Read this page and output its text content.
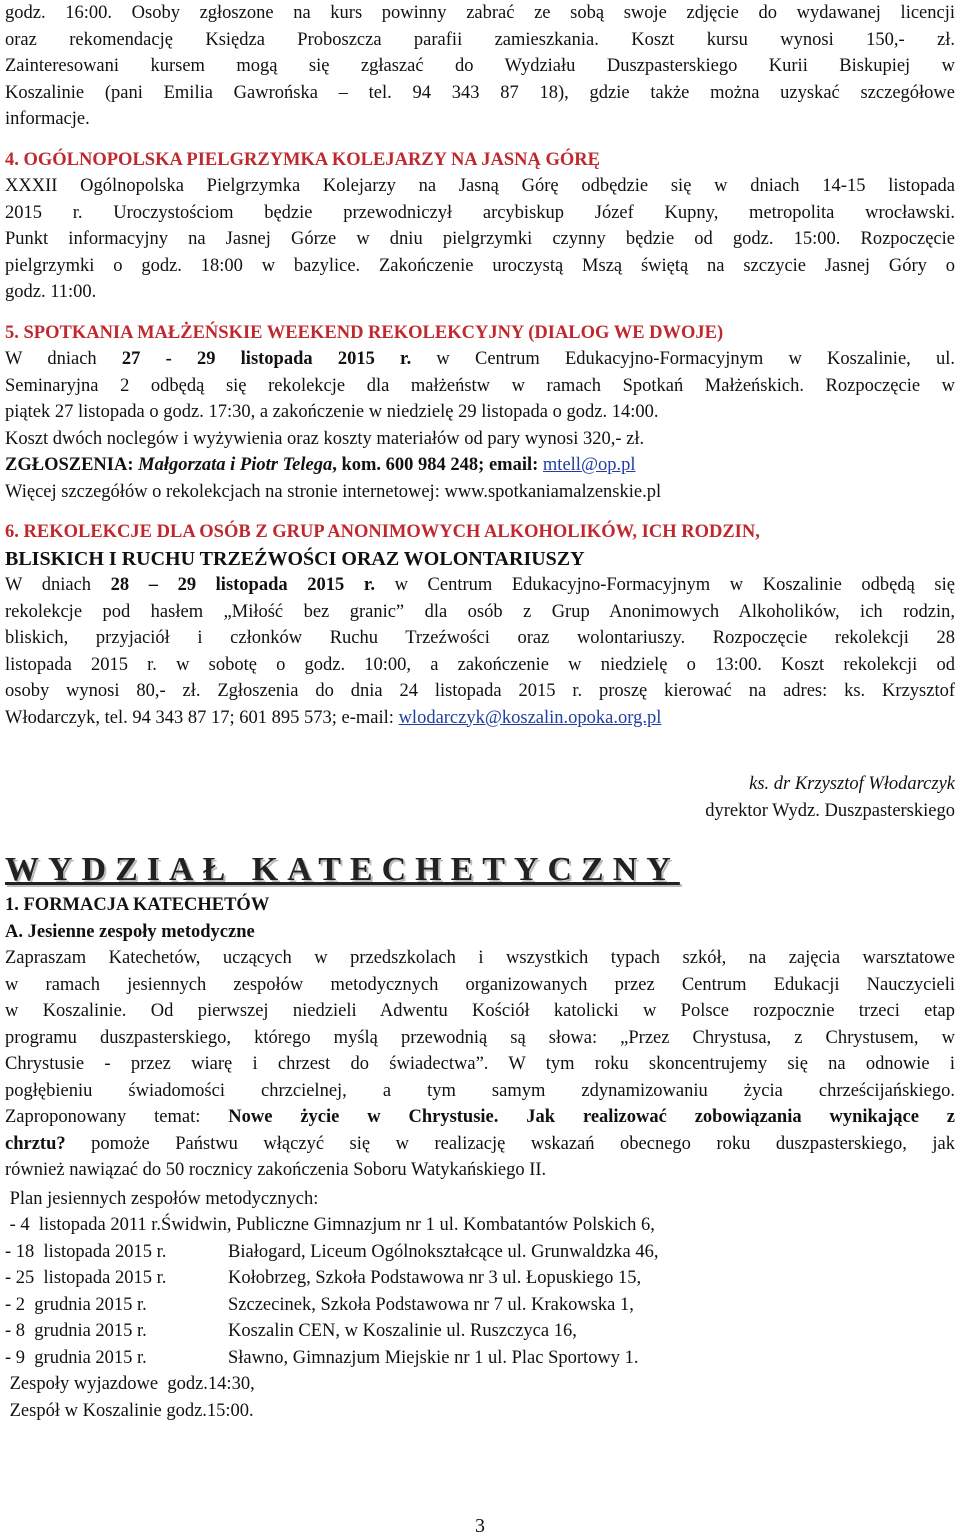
godz. 16:00. Osoby zgłoszone na kurs powinny zabrać ze sobą swoje zdjęcie do wydawanej licencji
oraz rekomendację Księdza Proboszcza parafii zamieszkania. Koszt kursu wynosi 150,- zł.
Zainteresowani kursem mogą się zgłaszać do Wydziału Duszpasterskiego Kurii Biskupiej w
Koszalinie (pani Emilia Gawrońska – tel. 94 343 87 18), gdzie także można uzyskać szczegółowe
informacje.
4. OGÓLNOPOLSKA PIELGRZYMKA KOLEJARZY NA JASNĄ GÓRĘ
XXXII Ogólnopolska Pielgrzymka Kolejarzy na Jasną Górę odbędzie się w dniach 14-15 listopada
2015 r. Uroczystościom będzie przewodniczył arcybiskup Józef Kupny, metropolita wrocławski.
Punkt informacyjny na Jasnej Górze w dniu pielgrzymki czynny będzie od godz. 15:00. Rozpoczęcie
pielgrzymki o godz. 18:00 w bazylice. Zakończenie uroczystą Mszą świętą na szczycie Jasnej Góry o
godz. 11:00.
5. SPOTKANIA MAŁŻEŃSKIE WEEKEND REKOLEKCYJNY (DIALOG WE DWOJE)
W dniach 27 - 29 listopada 2015 r. w Centrum Edukacyjno-Formacyjnym w Koszalinie, ul.
Seminaryjna 2 odbędą się rekolekcje dla małżeństw w ramach Spotkań Małżeńskich. Rozpoczęcie w
piątek 27 listopada o godz. 17:30, a zakończenie w niedzielę 29 listopada o godz. 14:00.
Koszt dwóch noclegów i wyżywienia oraz koszty materiałów od pary wynosi 320,- zł.
ZGŁOSZENIA: Małgorzata i Piotr Telega, kom. 600 984 248; email: mtell@op.pl
Więcej szczegółów o rekolekcjach na stronie internetowej: www.spotkaniamalzenskie.pl
6. REKOLEKCJE DLA OSÓB Z GRUP ANONIMOWYCH ALKOHOLIKÓW, ICH RODZIN,
BLISKICH I RUCHU TRZEŹWOŚCI ORAZ WOLONTARIUSZY
W dniach 28 – 29 listopada 2015 r. w Centrum Edukacyjno-Formacyjnym w Koszalinie odbędą się
rekolekcje pod hasłem „Miłość bez granic” dla osób z Grup Anonimowych Alkoholików, ich rodzin,
bliskich, przyjaciół i członków Ruchu Trzeźwości oraz wolontariuszy. Rozpoczęcie rekolekcji 28
listopada 2015 r. w sobotę o godz. 10:00, a zakończenie w niedzielę o 13:00. Koszt rekolekcji od
osoby wynosi 80,- zł. Zgłoszenia do dnia 24 listopada 2015 r. proszę kierować na adres: ks. Krzysztof
Włodarczyk, tel. 94 343 87 17; 601 895 573; e-mail: wlodarczyk@koszalin.opoka.org.pl
ks. dr Krzysztof Włodarczyk
dyrektor Wydz. Duszpasterskiego
WYDZIAŁ KATECHETYCZNY
1. FORMACJA KATECHETÓW
A. Jesienne zespoły metodyczne
Zapraszam Katechetów, uczących w przedszkolach i wszystkich typach szkół, na zajęcia warsztatowe
w ramach jesiennych zespołów metodycznych organizowanych przez Centrum Edukacji Nauczycieli
w Koszalinie. Od pierwszej niedzieli Adwentu Kościół katolicki w Polsce rozpocznie trzeci etap
programu duszpasterskiego, którego myślą przewodnią są słowa: „Przez Chrystusa, z Chrystusem, w
Chrystusie - przez wiarę i chrzest do świadectwa”. W tym roku skoncentrujemy się na odnowie i
pogłębieniu świadomości chrzcielnej, a tym samym zdynamizowaniu życia chrześcijańskiego.
Zaproponowany temat: Nowe życie w Chrystusie. Jak realizować zobowiązania wynikające z
chrztu? pomoże Państwu włączyć się w realizację wskazań obecnego roku duszpasterskiego, jak
również nawiązać do 50 rocznicy zakończenia Soboru Watykańskiego II.
Plan jesiennych zespołów metodycznych:
- 4  listopada 2011 r. Świdwin, Publiczne Gimnazjum nr 1 ul. Kombatantów Polskich 6,
- 18  listopada 2015 r.	Białogard, Liceum Ogólnokształcące ul. Grunwaldzka 46,
- 25  listopada 2015 r.	Kołobrzeg, Szkoła Podstawowa nr 3 ul. Łopuskiego 15,
- 2  grudnia 2015 r.	Szczecinek, Szkoła Podstawowa nr 7 ul. Krakowska 1,
- 8  grudnia 2015 r.	Koszalin CEN, w Koszalinie ul. Ruszczyca 16,
- 9  grudnia 2015 r.	Sławno, Gimnazjum Miejskie nr 1 ul. Plac Sportowy 1.
Zespoły wyjazdowe  godz.14:30,
Zespół w Koszalinie godz.15:00.
3
